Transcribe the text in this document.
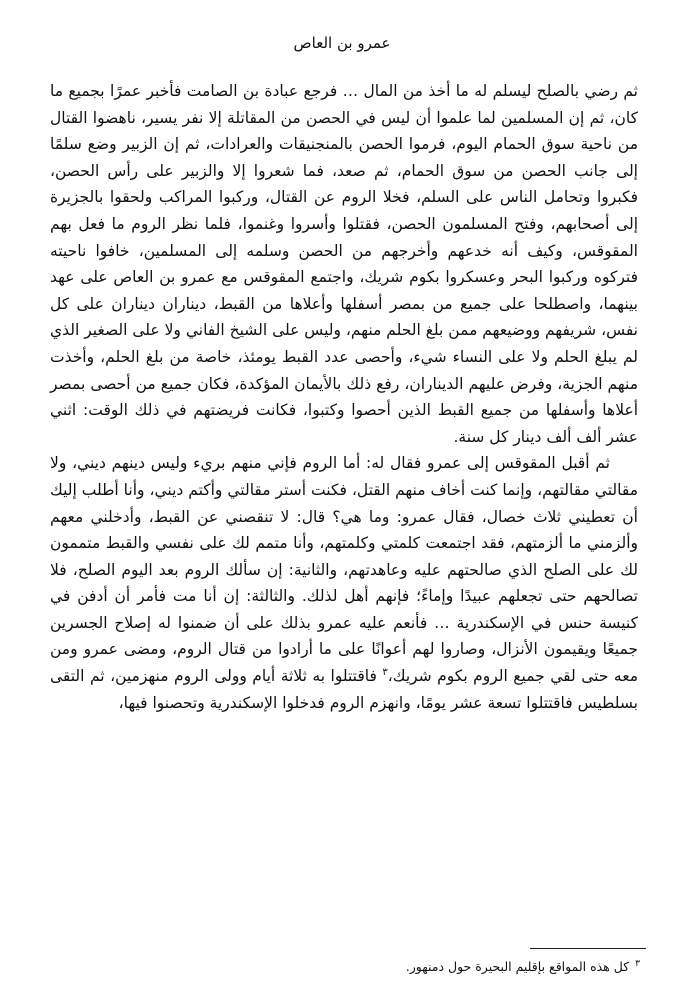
عمرو بن العاص

ثم رضي بالصلح ليسلم له ما أخذ من المال … فرجع عبادة بن الصامت فأخبر عمرًا بجميع ما كان، ثم إن المسلمين لما علموا أن ليس في الحصن من المقاتلة إلا نفر يسير، ناهضوا القتال من ناحية سوق الحمام اليوم، فرموا الحصن بالمنجنيقات والعرادات، ثم إن الزبير وضع سلمًا إلى جانب الحصن من سوق الحمام، ثم صعد، فما شعروا إلا والزبير على رأس الحصن، فكبروا وتحامل الناس على السلم، فخلا الروم عن القتال، وركبوا المراكب ولحقوا بالجزيرة إلى أصحابهم، وفتح المسلمون الحصن، فقتلوا وأسروا وغنموا، فلما نظر الروم ما فعل بهم المقوقس، وكيف أنه خدعهم وأخرجهم من الحصن وسلمه إلى المسلمين، خافوا ناحيته فتركوه وركبوا البحر وعسكروا بكوم شريك، واجتمع المقوقس مع عمرو بن العاص على عهد بينهما، واصطلحا على جميع من بمصر أسفلها وأعلاها من القبط، ديناران ديناران على كل نفس، شريفهم ووضيعهم ممن بلغ الحلم منهم، وليس على الشيخ الفاني ولا على الصغير الذي لم يبلغ الحلم ولا على النساء شيء، وأحصى عدد القبط يومئذ، خاصة من بلغ الحلم، وأخذت منهم الجزية، وفرض عليهم الديناران، رفع ذلك بالأيمان المؤكدة، فكان جميع من أحصى بمصر أعلاها وأسفلها من جميع القبط الذين أحصوا وكتبوا، فكانت فريضتهم في ذلك الوقت: اثني عشر ألف ألف دينار كل سنة.

ثم أقبل المقوقس إلى عمرو فقال له: أما الروم فإني منهم بريء وليس دينهم ديني، ولا مقالتي مقالتهم، وإنما كنت أخاف منهم القتل، فكنت أستر مقالتي وأكتم ديني، وأنا أطلب إليك أن تعطيني ثلاث خصال، فقال عمرو: وما هي؟ قال: لا تنقصني عن القبط، وأدخلني معهم وألزمني ما ألزمتهم، فقد اجتمعت كلمتي وكلمتهم، وأنا متمم لك على نفسي والقبط متممون لك على الصلح الذي صالحتهم عليه وعاهدتهم، والثانية: إن سألك الروم بعد اليوم الصلح، فلا تصالحهم حتى تجعلهم عبيدًا وإماءً؛ فإنهم أهل لذلك. والثالثة: إن أنا مت فأمر أن أدفن في كنيسة حنس في الإسكندرية … فأنعم عليه عمرو بذلك على أن ضمنوا له إصلاح الجسرين جميعًا ويقيمون الأنزال، وصاروا لهم أعوانًا على ما أرادوا من قتال الروم، ومضى عمرو ومن معه حتى لقي جميع الروم بكوم شريك،$^٣$ فاقتتلوا به ثلاثة أيام وولى الروم منهزمين، ثم التقى بسلطيس فاقتتلوا تسعة عشر يومًا، وانهزم الروم فدخلوا الإسكندرية وتحصنوا فيها،

$^٣$ كل هذه المواقع بإقليم البحيرة حول دمنهور.
